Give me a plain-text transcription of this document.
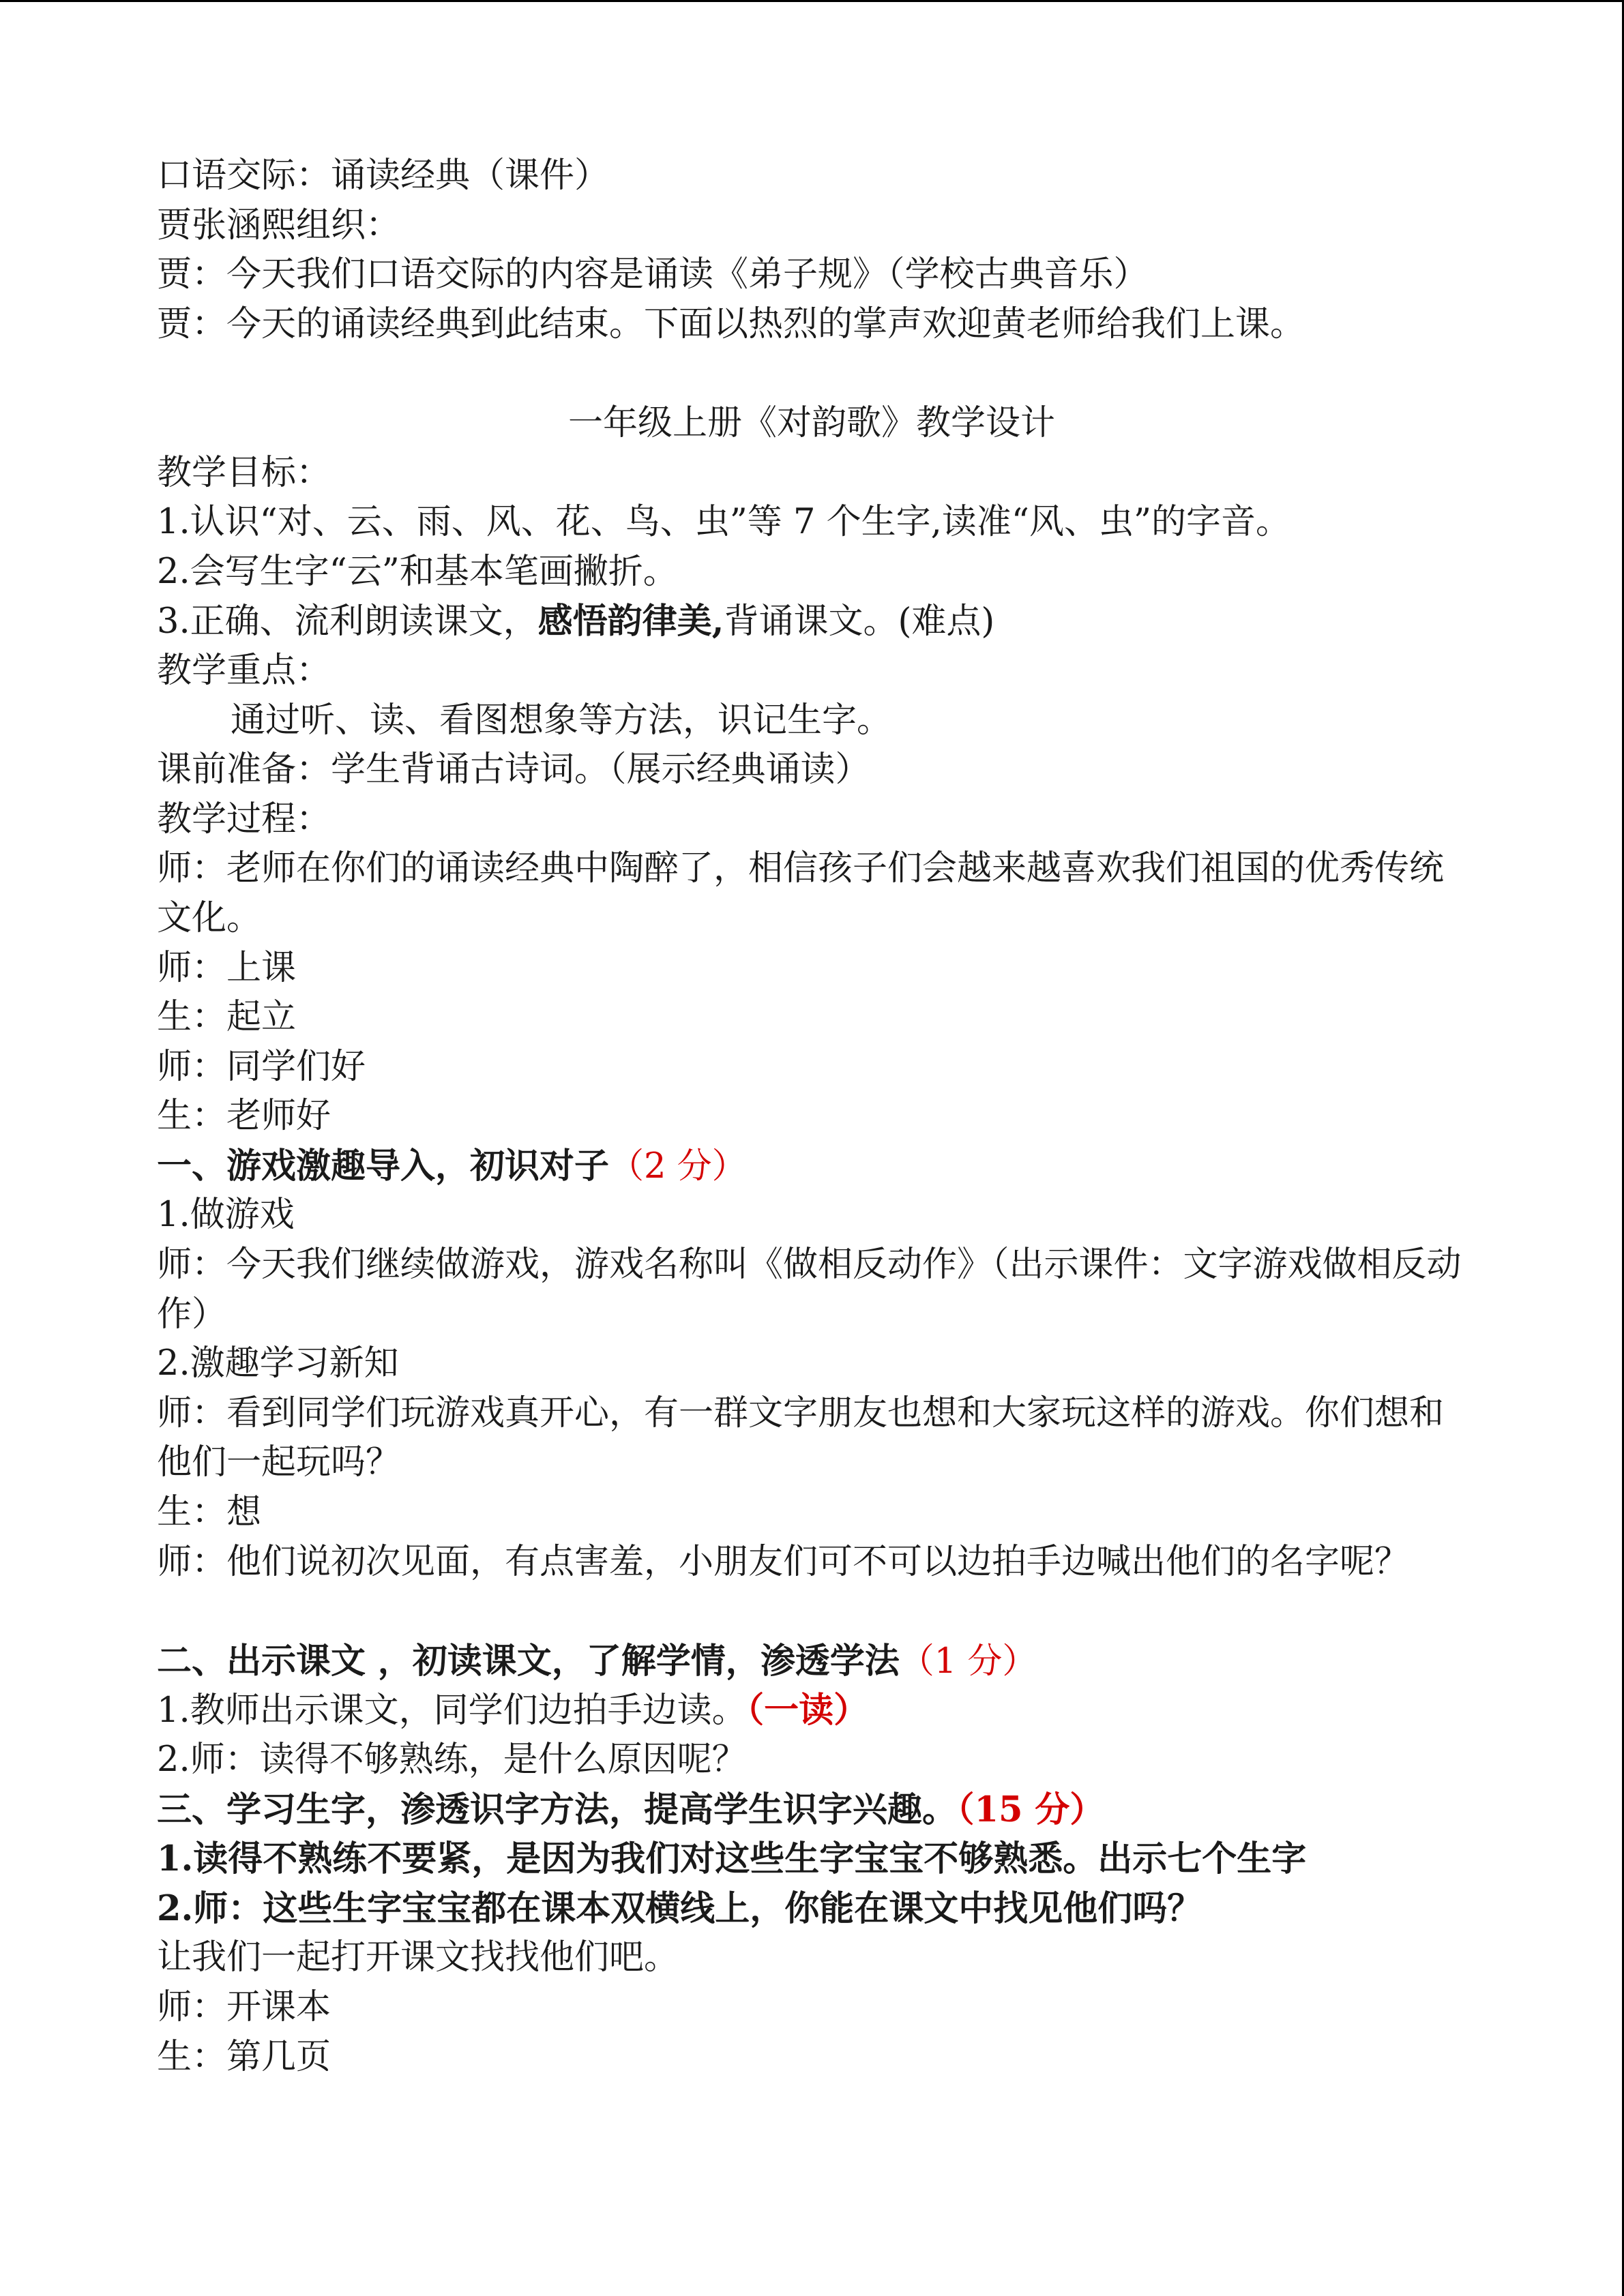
口语交际：诵读经典（课件）
贾张涵熙组织：
贾：今天我们口语交际的内容是诵读《弟子规》（学校古典音乐）
贾：今天的诵读经典到此结束。下面以热烈的掌声欢迎黄老师给我们上课。
一年级上册《对韵歌》教学设计
教学目标：
1.认识“对、云、雨、风、花、鸟、虫”等 7 个生字,读准“风、虫”的字音。
2.会写生字“云”和基本笔画撇折。
3.正确、流利朗读课文，感悟韵律美,背诵课文。(难点)
教学重点：
通过听、读、看图想象等方法，识记生字。
课前准备：学生背诵古诗词。（展示经典诵读）
教学过程：
师：老师在你们的诵读经典中陶醉了，相信孩子们会越来越喜欢我们祖国的优秀传统文化。
师：上课
生：起立
师：同学们好
生：老师好
一、游戏激趣导入，初识对子（2 分）
1.做游戏
师：今天我们继续做游戏，游戏名称叫《做相反动作》（出示课件：文字游戏做相反动作）
2.激趣学习新知
师：看到同学们玩游戏真开心，有一群文字朋友也想和大家玩这样的游戏。你们想和他们一起玩吗？
生：想
师：他们说初次见面，有点害羞，小朋友们可不可以边拍手边喊出他们的名字呢？
二、出示课文 ，初读课文，了解学情，渗透学法（1 分）
1.教师出示课文，同学们边拍手边读。（一读）
2.师：读得不够熟练，是什么原因呢？
三、学习生字，渗透识字方法，提高学生识字兴趣。（15 分）
1.读得不熟练不要紧，是因为我们对这些生字宝宝不够熟悉。出示七个生字
2.师：这些生字宝宝都在课本双横线上，你能在课文中找见他们吗？
让我们一起打开课文找找他们吧。
师：开课本
生：第几页
